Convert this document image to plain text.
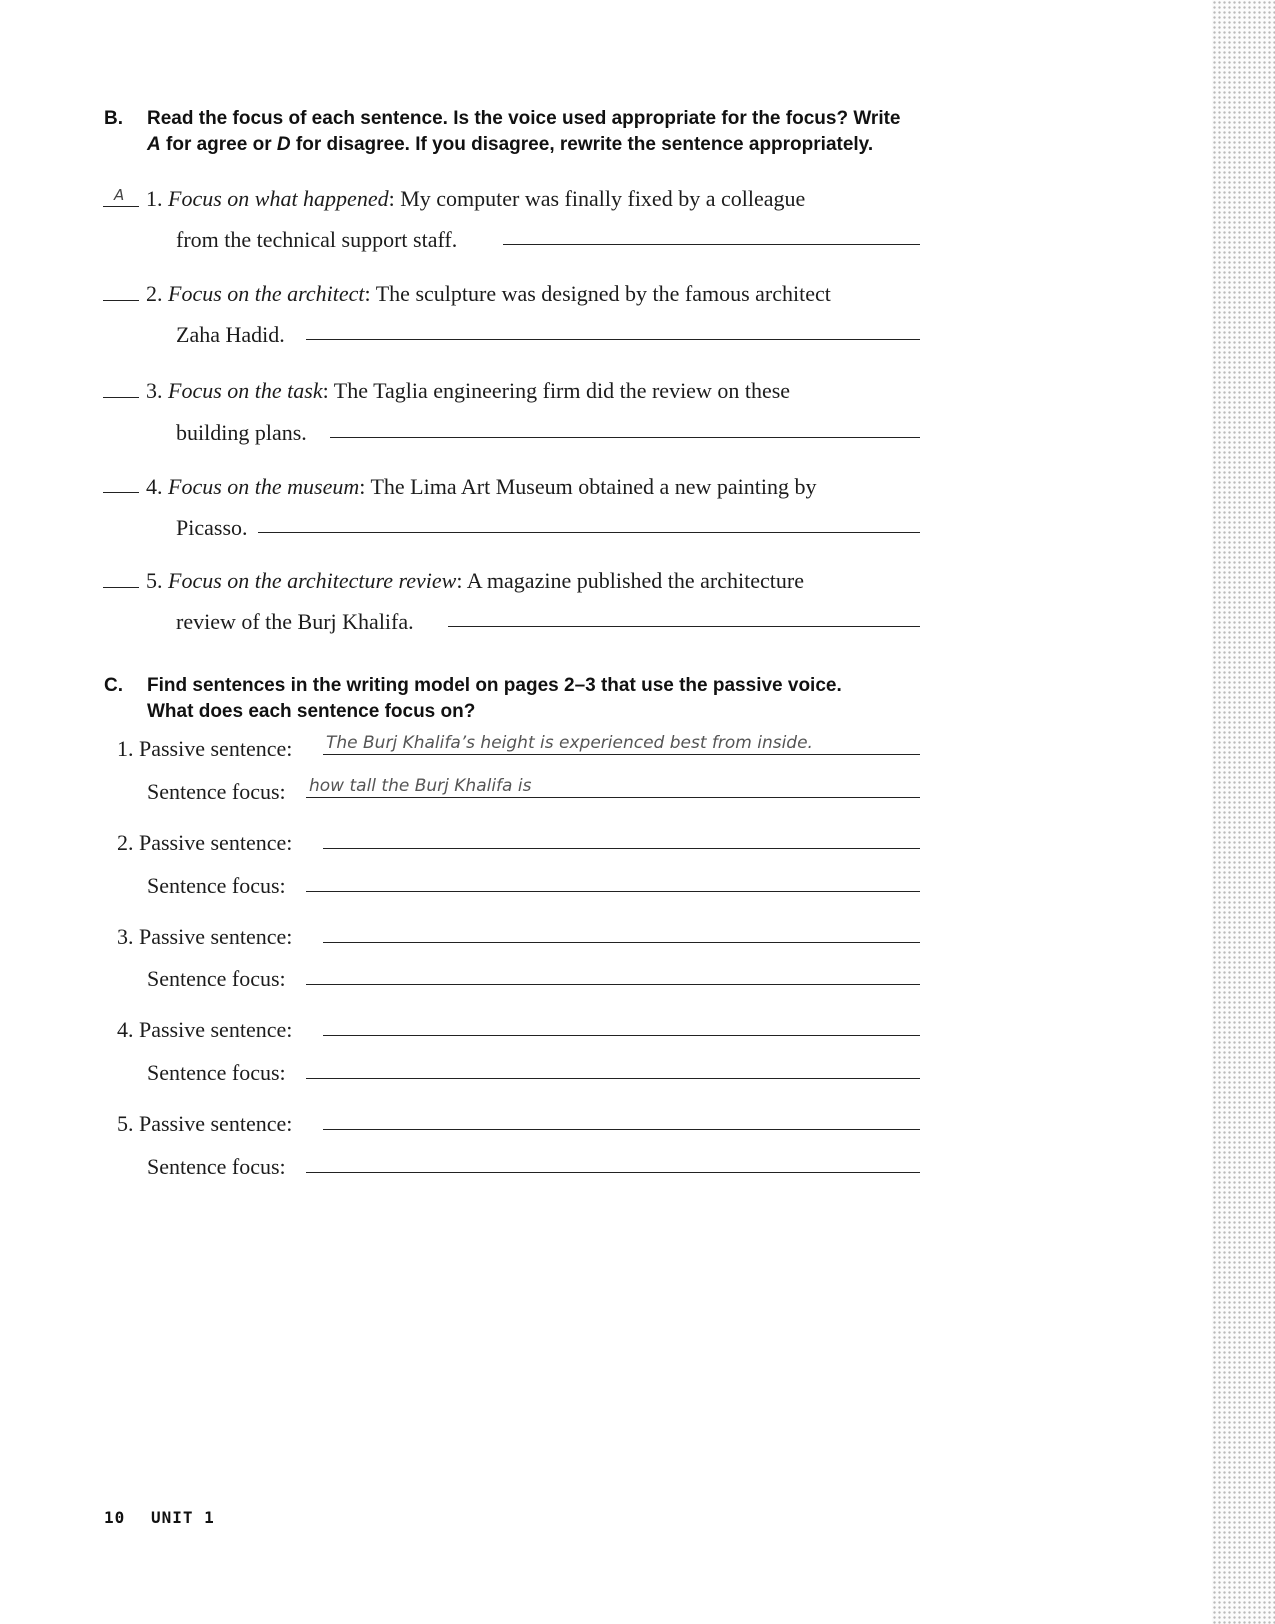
B. Read the focus of each sentence. Is the voice used appropriate for the focus? Write
A for agree or D for disagree. If you disagree, rewrite the sentence appropriately.
A 1. Focus on what happened: My computer was finally fixed by a colleague
from the technical support staff.
2. Focus on the architect: The sculpture was designed by the famous architect
Zaha Hadid.
3. Focus on the task: The Taglia engineering firm did the review on these
building plans.
4. Focus on the museum: The Lima Art Museum obtained a new painting by
Picasso.
5. Focus on the architecture review: A magazine published the architecture
review of the Burj Khalifa.
C. Find sentences in the writing model on pages 2–3 that use the passive voice.
What does each sentence focus on?
1. Passive sentence: The Burj Khalifa’s height is experienced best from inside.
Sentence focus: how tall the Burj Khalifa is
2. Passive sentence:
Sentence focus:
3. Passive sentence:
Sentence focus:
4. Passive sentence:
Sentence focus:
5. Passive sentence:
Sentence focus:
10 UNIT 1
